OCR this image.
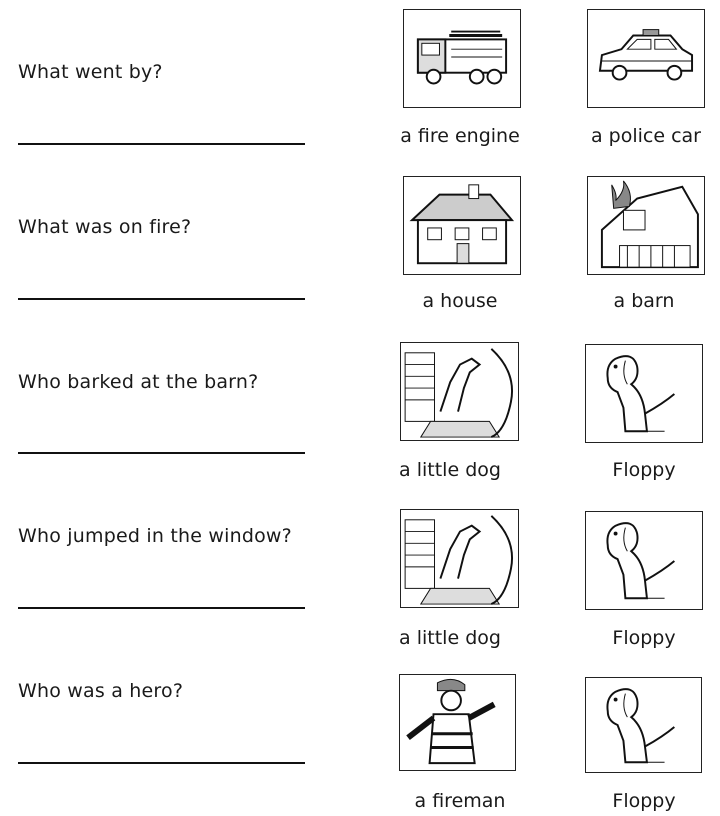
What went by?
a fire engine	a police car
What was on fire?
a house	a barn
Who barked at the barn?
a little dog	Floppy
Who jumped in the window?
a little dog	Floppy
Who was a hero?
a fireman	Floppy
